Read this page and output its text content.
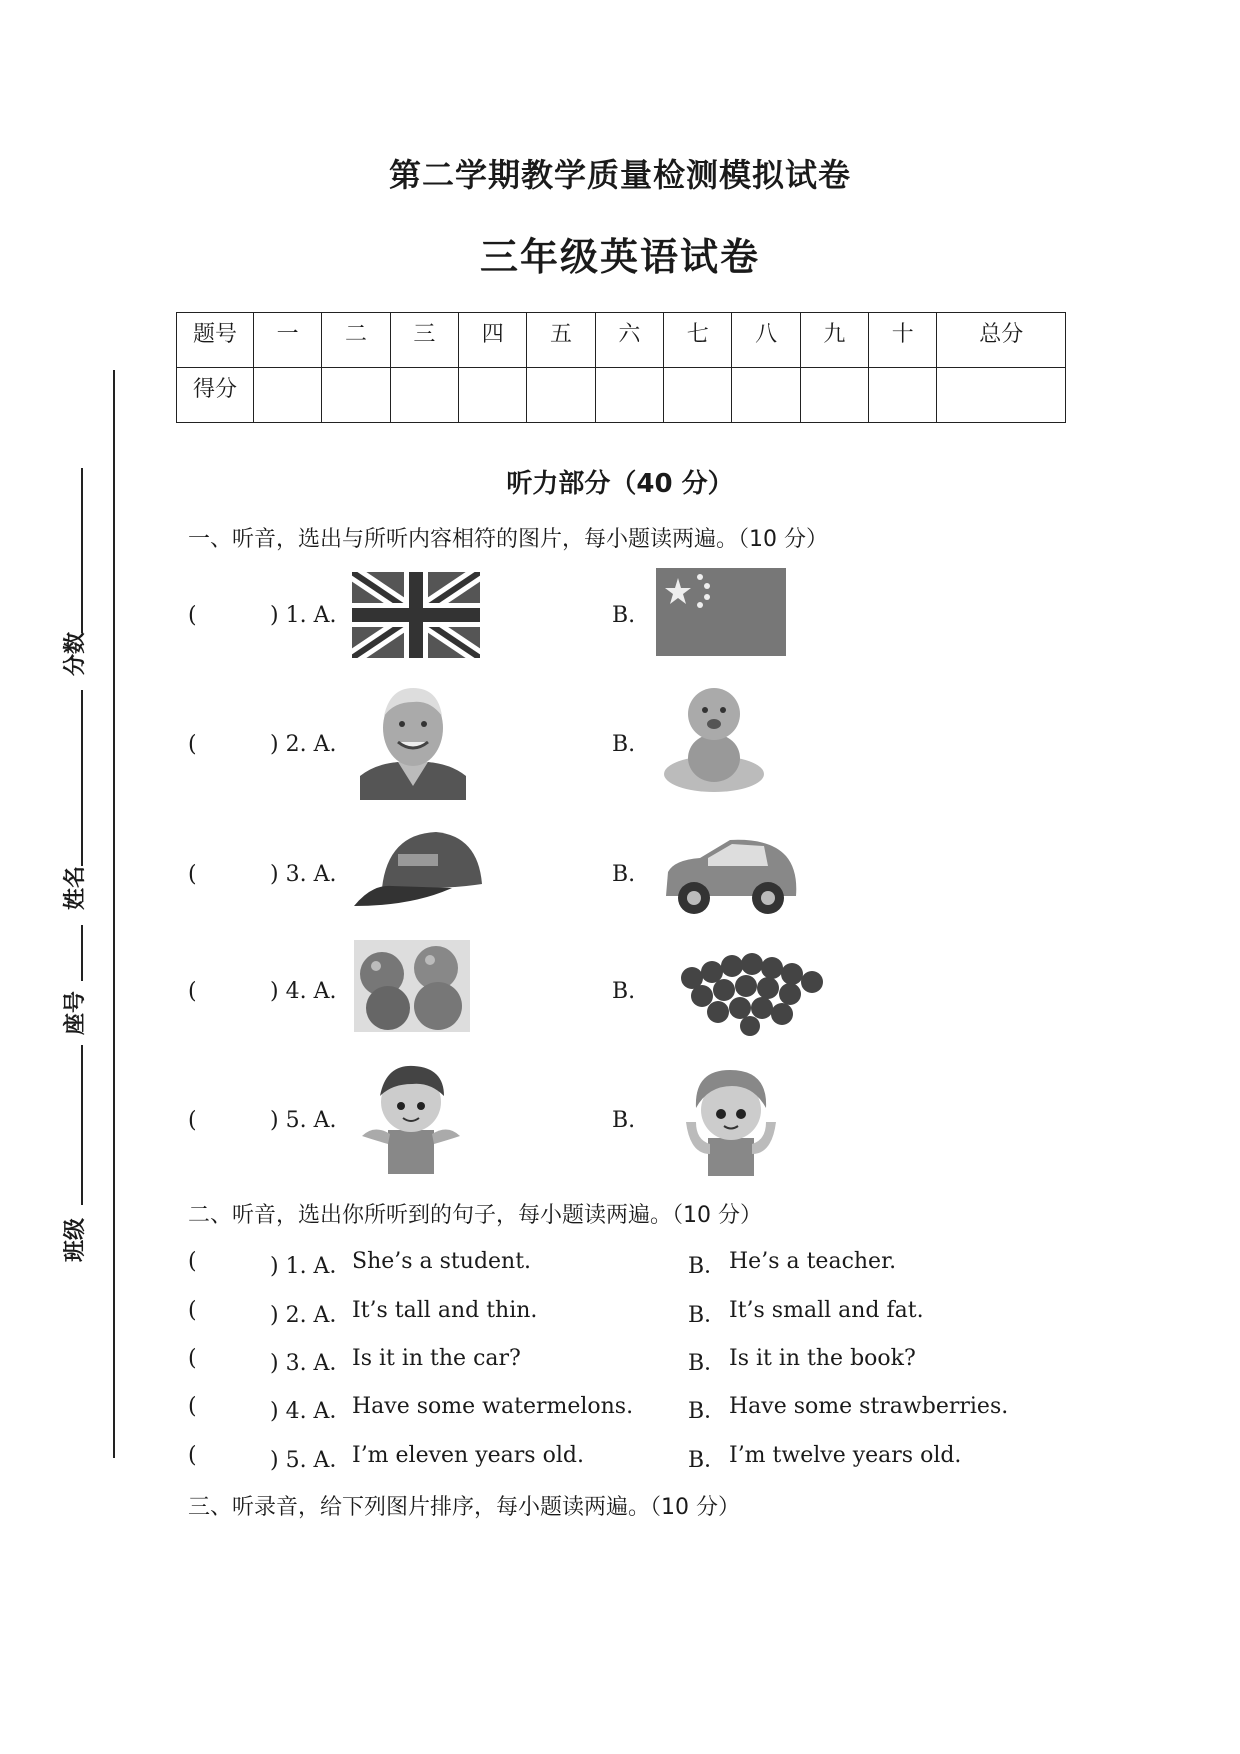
第二学期教学质量检测模拟试卷
三年级英语试卷
题号	一	二	三	四	五	六	七	八	九	十	总分
得分											
分数
姓名
座号
班级
听力部分（40 分）
一、听音，选出与所听内容相符的图片，每小题读两遍。（10 分）
(	) 1. A.	B.
(	) 2. A.	B.
(	) 3. A.	B.
(	) 4. A.	B.
(	) 5. A.	B.
二、听音，选出你所听到的句子，每小题读两遍。（10 分）
(	) 1. A． She’s a student.	B． He’s a teacher.
(	) 2. A． It’s tall and thin.	B． It’s small and fat.
(	) 3. A． Is it in the car?	B． Is it in the book?
(	) 4. A． Have some watermelons. B． Have some strawberries.
(	) 5. A． I’m eleven years old.	B． I’m twelve years old.
三、听录音，给下列图片排序，每小题读两遍。（10 分）
